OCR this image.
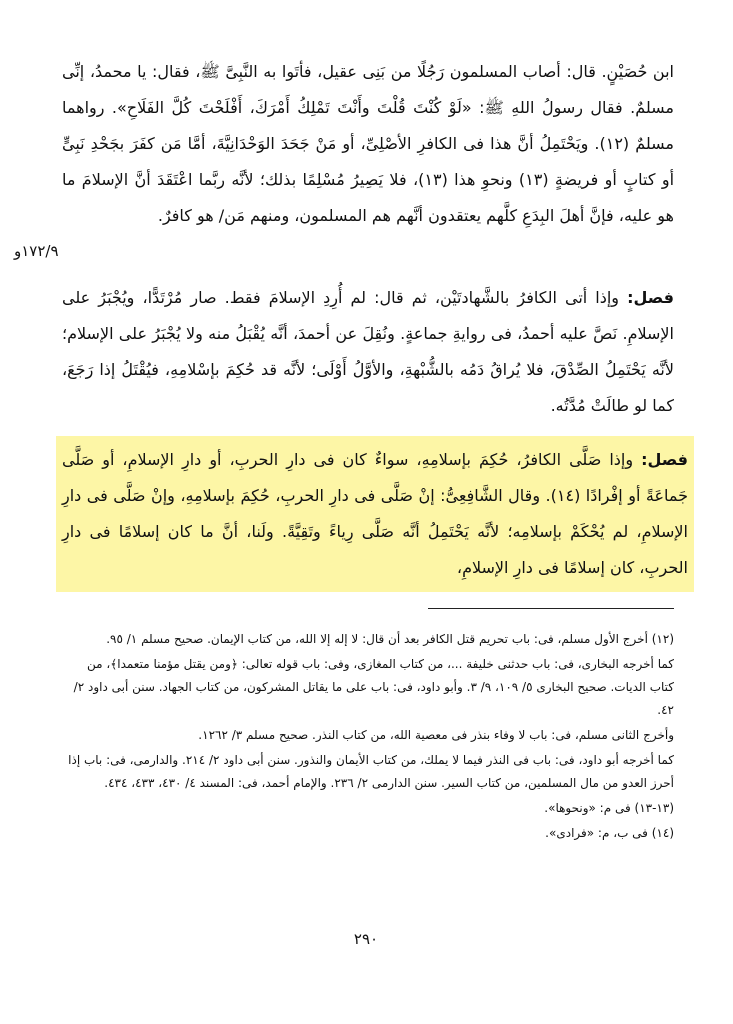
ابن حُصَيْنٍ. قال: أصاب المسلمون رَجُلًا من بَنِى عقيل، فأتَوا به النَّبِىَّ ﷺ، فقال: يا محمدُ، إنِّى مسلمٌ. فقال رسولُ اللهِ ﷺ: «لَوْ كُنْتَ قُلْتَ وأَنْتَ تَمْلِكُ أَمْرَكَ، أَفْلَحْتَ كُلَّ الفَلَاحِ». رواهما مسلمٌ (١٢). ويَحْتَمِلُ أنَّ هذا فى الكافرِ الأصْلِىِّ، أو مَنْ جَحَدَ الوَحْدَانِيَّةَ، أمَّا مَن كفَرَ بجَحْدِ نَبِىٍّ أو كتابٍ أو فريضةٍ (١٣) ونحوِ هذا (١٣)، فلا يَصِيرُ مُسْلِمًا بذلك؛ لأنَّه ربَّما اعْتَقَدَ أنَّ الإسلامَ ما هو عليه، فإنَّ أهلَ البِدَعِ كلَّهم يعتقدون أنَّهم هم المسلمون، ومنهم مَن/ هو كافرٌ.
١٧٢/٩و
فصل: وإذا أتى الكافرُ بالشَّهادتَيْن، ثم قال: لم أُرِدِ الإسلامَ فقط. صار مُرْتَدًّا، ويُجْبَرُ على الإسلامِ. نَصَّ عليه أحمدُ، فى روايةِ جماعةٍ. ونُقِلَ عن أحمدَ، أنَّه يُقْبَلُ منه ولا يُجْبَرُ على الإسلام؛ لأنَّه يَحْتَمِلُ الصِّدْقَ، فلا يُراقُ دَمُه بالشُّبْهةِ، والأوَّلُ أَوْلَى؛ لأنَّه قد حُكِمَ بإسْلامِهِ، فيُقْتَلُ إذا رَجَعَ، كما لو طالَتْ مُدَّتُه.
فصل: وإذا صَلَّى الكافرُ، حُكِمَ بإسلامِهِ، سواءٌ كان فى دارِ الحربِ، أو دارِ الإسلامِ، أو صَلَّى جَماعَةً أو إفْرادًا (١٤). وقال الشَّافِعِىُّ: إنْ صَلَّى فى دارِ الحربِ، حُكِمَ بإسلامِهِ، وإنْ صَلَّى فى دارِ الإسلامِ، لم يُحْكَمْ بإسلامِه؛ لأنَّه يَحْتَمِلُ أنَّه صَلَّى رِياءً وتَقِيَّةً. ولَنا، أنَّ ما كان إسلامًا فى دارِ الحربِ، كان إسلامًا فى دارِ الإسلامِ،

(١٢) أخرج الأول مسلم، فى: باب تحريم قتل الكافر بعد أن قال: لا إله إلا الله، من كتاب الإيمان. صحيح مسلم ١/ ٩٥.

كما أخرجه البخارى، فى: باب حدثنى خليفة ...، من كتاب المغازى، وفى: باب قوله تعالى: ﴿ومن يقتل مؤمنا متعمدا﴾، من كتاب الديات. صحيح البخارى ٥/ ١٠٩، ٩/ ٣. وأبو داود، فى: باب على ما يقاتل المشركون، من كتاب الجهاد. سنن أبى داود ٢/ ٤٢.

وأخرج الثانى مسلم، فى: باب لا وفاء بنذر فى معصية الله، من كتاب النذر. صحيح مسلم ٣/ ١٢٦٢.

كما أخرجه أبو داود، فى: باب فى النذر فيما لا يملك، من كتاب الأيمان والنذور. سنن أبى داود ٢/ ٢١٤. والدارمى، فى: باب إذا أحرز العدو من مال المسلمين، من كتاب السير. سنن الدارمى ٢/ ٢٣٦. والإمام أحمد، فى: المسند ٤/ ٤٣٠، ٤٣٣، ٤٣٤.

(١٣-١٣) فى م: «ونحوها».

(١٤) فى ب، م: «فرادى».

٢٩٠
